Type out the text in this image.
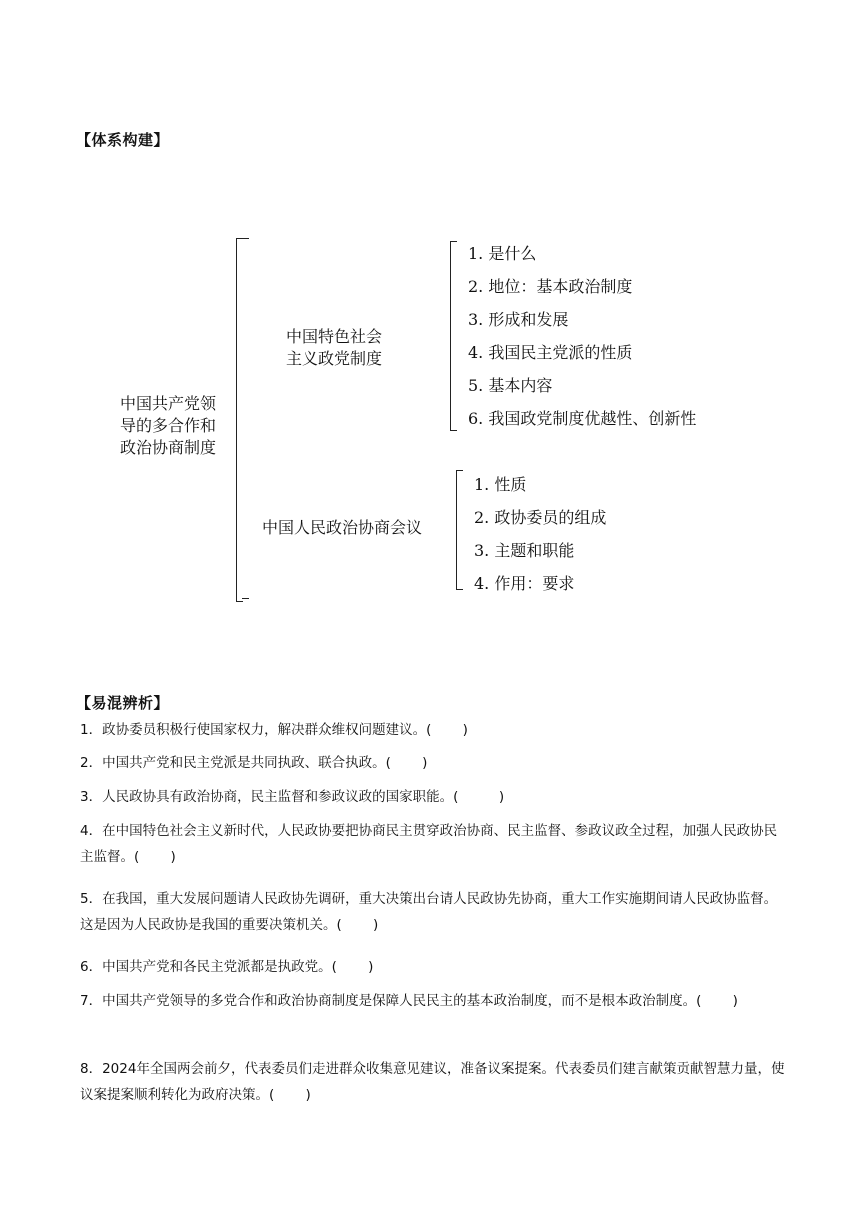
【体系构建】
中国共产党领
导的多合作和
政治协商制度
中国特色社会
主义政党制度
1. 是什么
2. 地位：基本政治制度
3. 形成和发展
4. 我国民主党派的性质
5. 基本内容
6. 我国政党制度优越性、创新性
中国人民政治协商会议
1. 性质
2. 政协委员的组成
3. 主题和职能
4. 作用：要求
【易混辨析】
1．政协委员积极行使国家权力，解决群众维权问题建议。(　　 )
2．中国共产党和民主党派是共同执政、联合执政。(　　 )
3．人民政协具有政治协商，民主监督和参政议政的国家职能。(　　　)
4．在中国特色社会主义新时代，人民政协要把协商民主贯穿政治协商、民主监督、参政议政全过程，加强人民政协民主监督。(　　 )
5．在我国，重大发展问题请人民政协先调研，重大决策出台请人民政协先协商，重大工作实施期间请人民政协监督。这是因为人民政协是我国的重要决策机关。(　　 )
6．中国共产党和各民主党派都是执政党。(　　 )
7．中国共产党领导的多党合作和政治协商制度是保障人民民主的基本政治制度，而不是根本政治制度。(　　 )
8．2024年全国两会前夕，代表委员们走进群众收集意见建议，准备议案提案。代表委员们建言献策贡献智慧力量，使议案提案顺利转化为政府决策。(　　 )
